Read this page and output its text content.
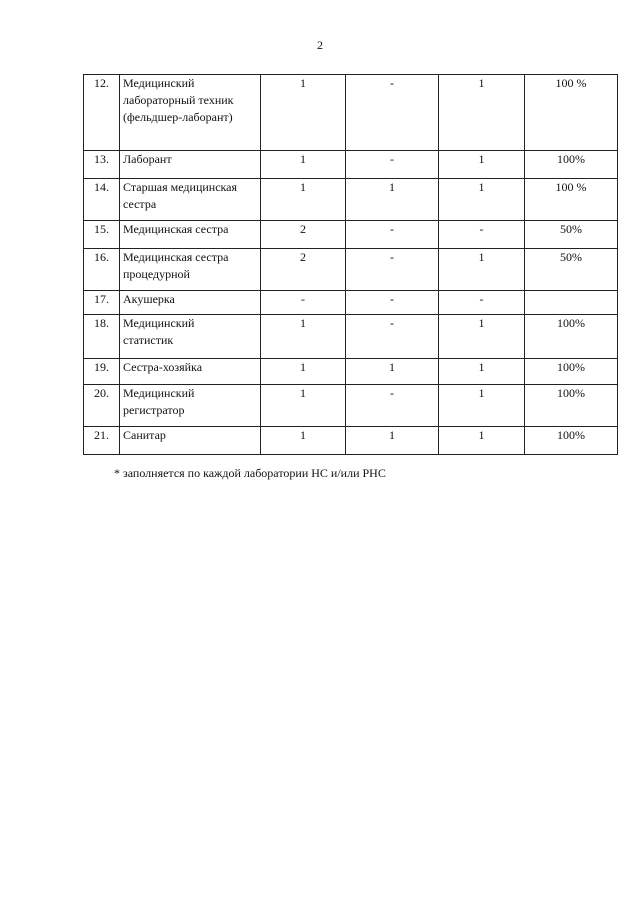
2
12.	Медицинский
лабораторный техник
(фельдшер-лаборант)	1	-	1	100 %
13.	Лаборант	1	-	1	100%
14.	Старшая медицинская
сестра	1	1	1	100 %
15.	Медицинская сестра	2	-	-	50%
16.	Медицинская сестра
процедурной	2	-	1	50%
17.	Акушерка	-	-	-	
18.	Медицинский
статистик	1	-	1	100%
19.	Сестра-хозяйка	1	1	1	100%
20.	Медицинский
регистратор	1	-	1	100%
21.	Санитар	1	1	1	100%
* заполняется по каждой лаборатории НС и/или РНС
